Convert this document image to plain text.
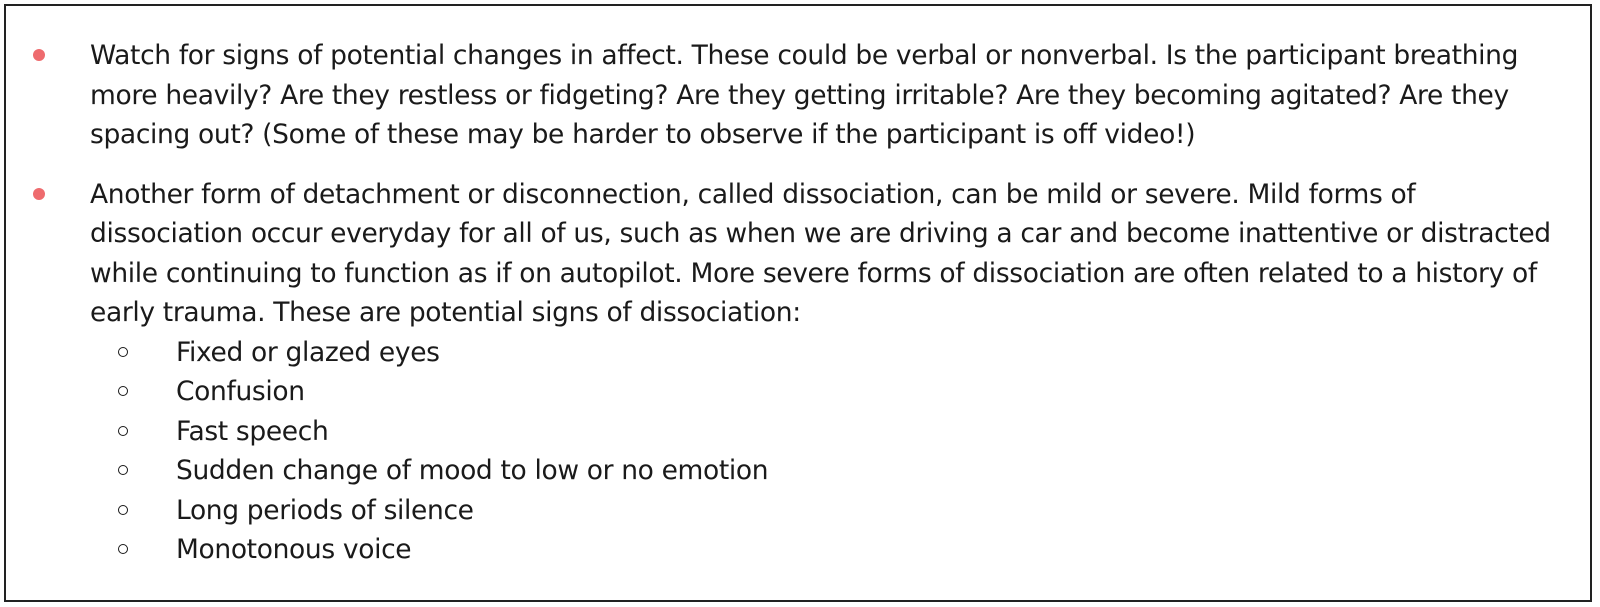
Watch for signs of potential changes in affect. These could be verbal or nonverbal. Is the participant breathing more heavily? Are they restless or fidgeting? Are they getting irritable? Are they becoming agitated? Are they spacing out? (Some of these may be harder to observe if the participant is off video!)
Another form of detachment or disconnection, called dissociation, can be mild or severe. Mild forms of dissociation occur everyday for all of us, such as when we are driving a car and become inattentive or distracted while continuing to function as if on autopilot. More severe forms of dissociation are often related to a history of early trauma. These are potential signs of dissociation:
Fixed or glazed eyes
Confusion
Fast speech
Sudden change of mood to low or no emotion
Long periods of silence
Monotonous voice
